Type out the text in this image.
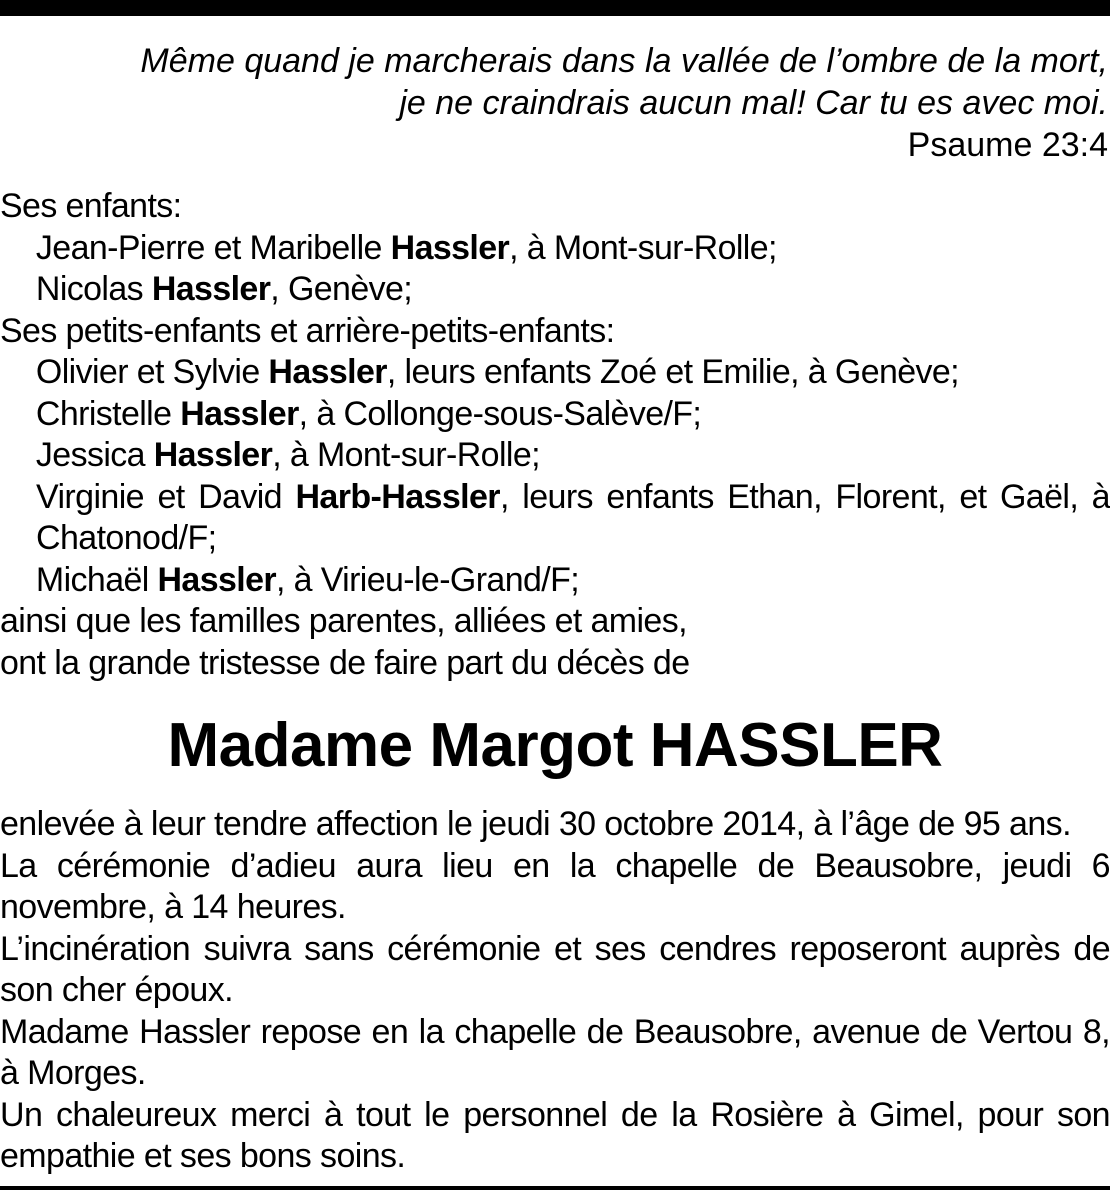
Même quand je marcherais dans la vallée de l’ombre de la mort,
je ne craindrais aucun mal! Car tu es avec moi.
Psaume 23:4
Ses enfants:
Jean-Pierre et Maribelle Hassler, à Mont-sur-Rolle;
Nicolas Hassler, Genève;
Ses petits-enfants et arrière-petits-enfants:
Olivier et Sylvie Hassler, leurs enfants Zoé et Emilie, à Genève;
Christelle Hassler, à Collonge-sous-Salève/F;
Jessica Hassler, à Mont-sur-Rolle;
Virginie et David Harb-Hassler, leurs enfants Ethan, Florent, et Gaël, à Chatonod/F;
Michaël Hassler, à Virieu-le-Grand/F;
ainsi que les familles parentes, alliées et amies,
ont la grande tristesse de faire part du décès de
Madame Margot HASSLER
enlevée à leur tendre affection le jeudi 30 octobre 2014, à l’âge de 95 ans.
La cérémonie d’adieu aura lieu en la chapelle de Beausobre, jeudi 6 novembre, à 14 heures.
L’incinération suivra sans cérémonie et ses cendres reposeront auprès de son cher époux.
Madame Hassler repose en la chapelle de Beausobre, avenue de Vertou 8, à Morges.
Un chaleureux merci à tout le personnel de la Rosière à Gimel, pour son empathie et ses bons soins.
